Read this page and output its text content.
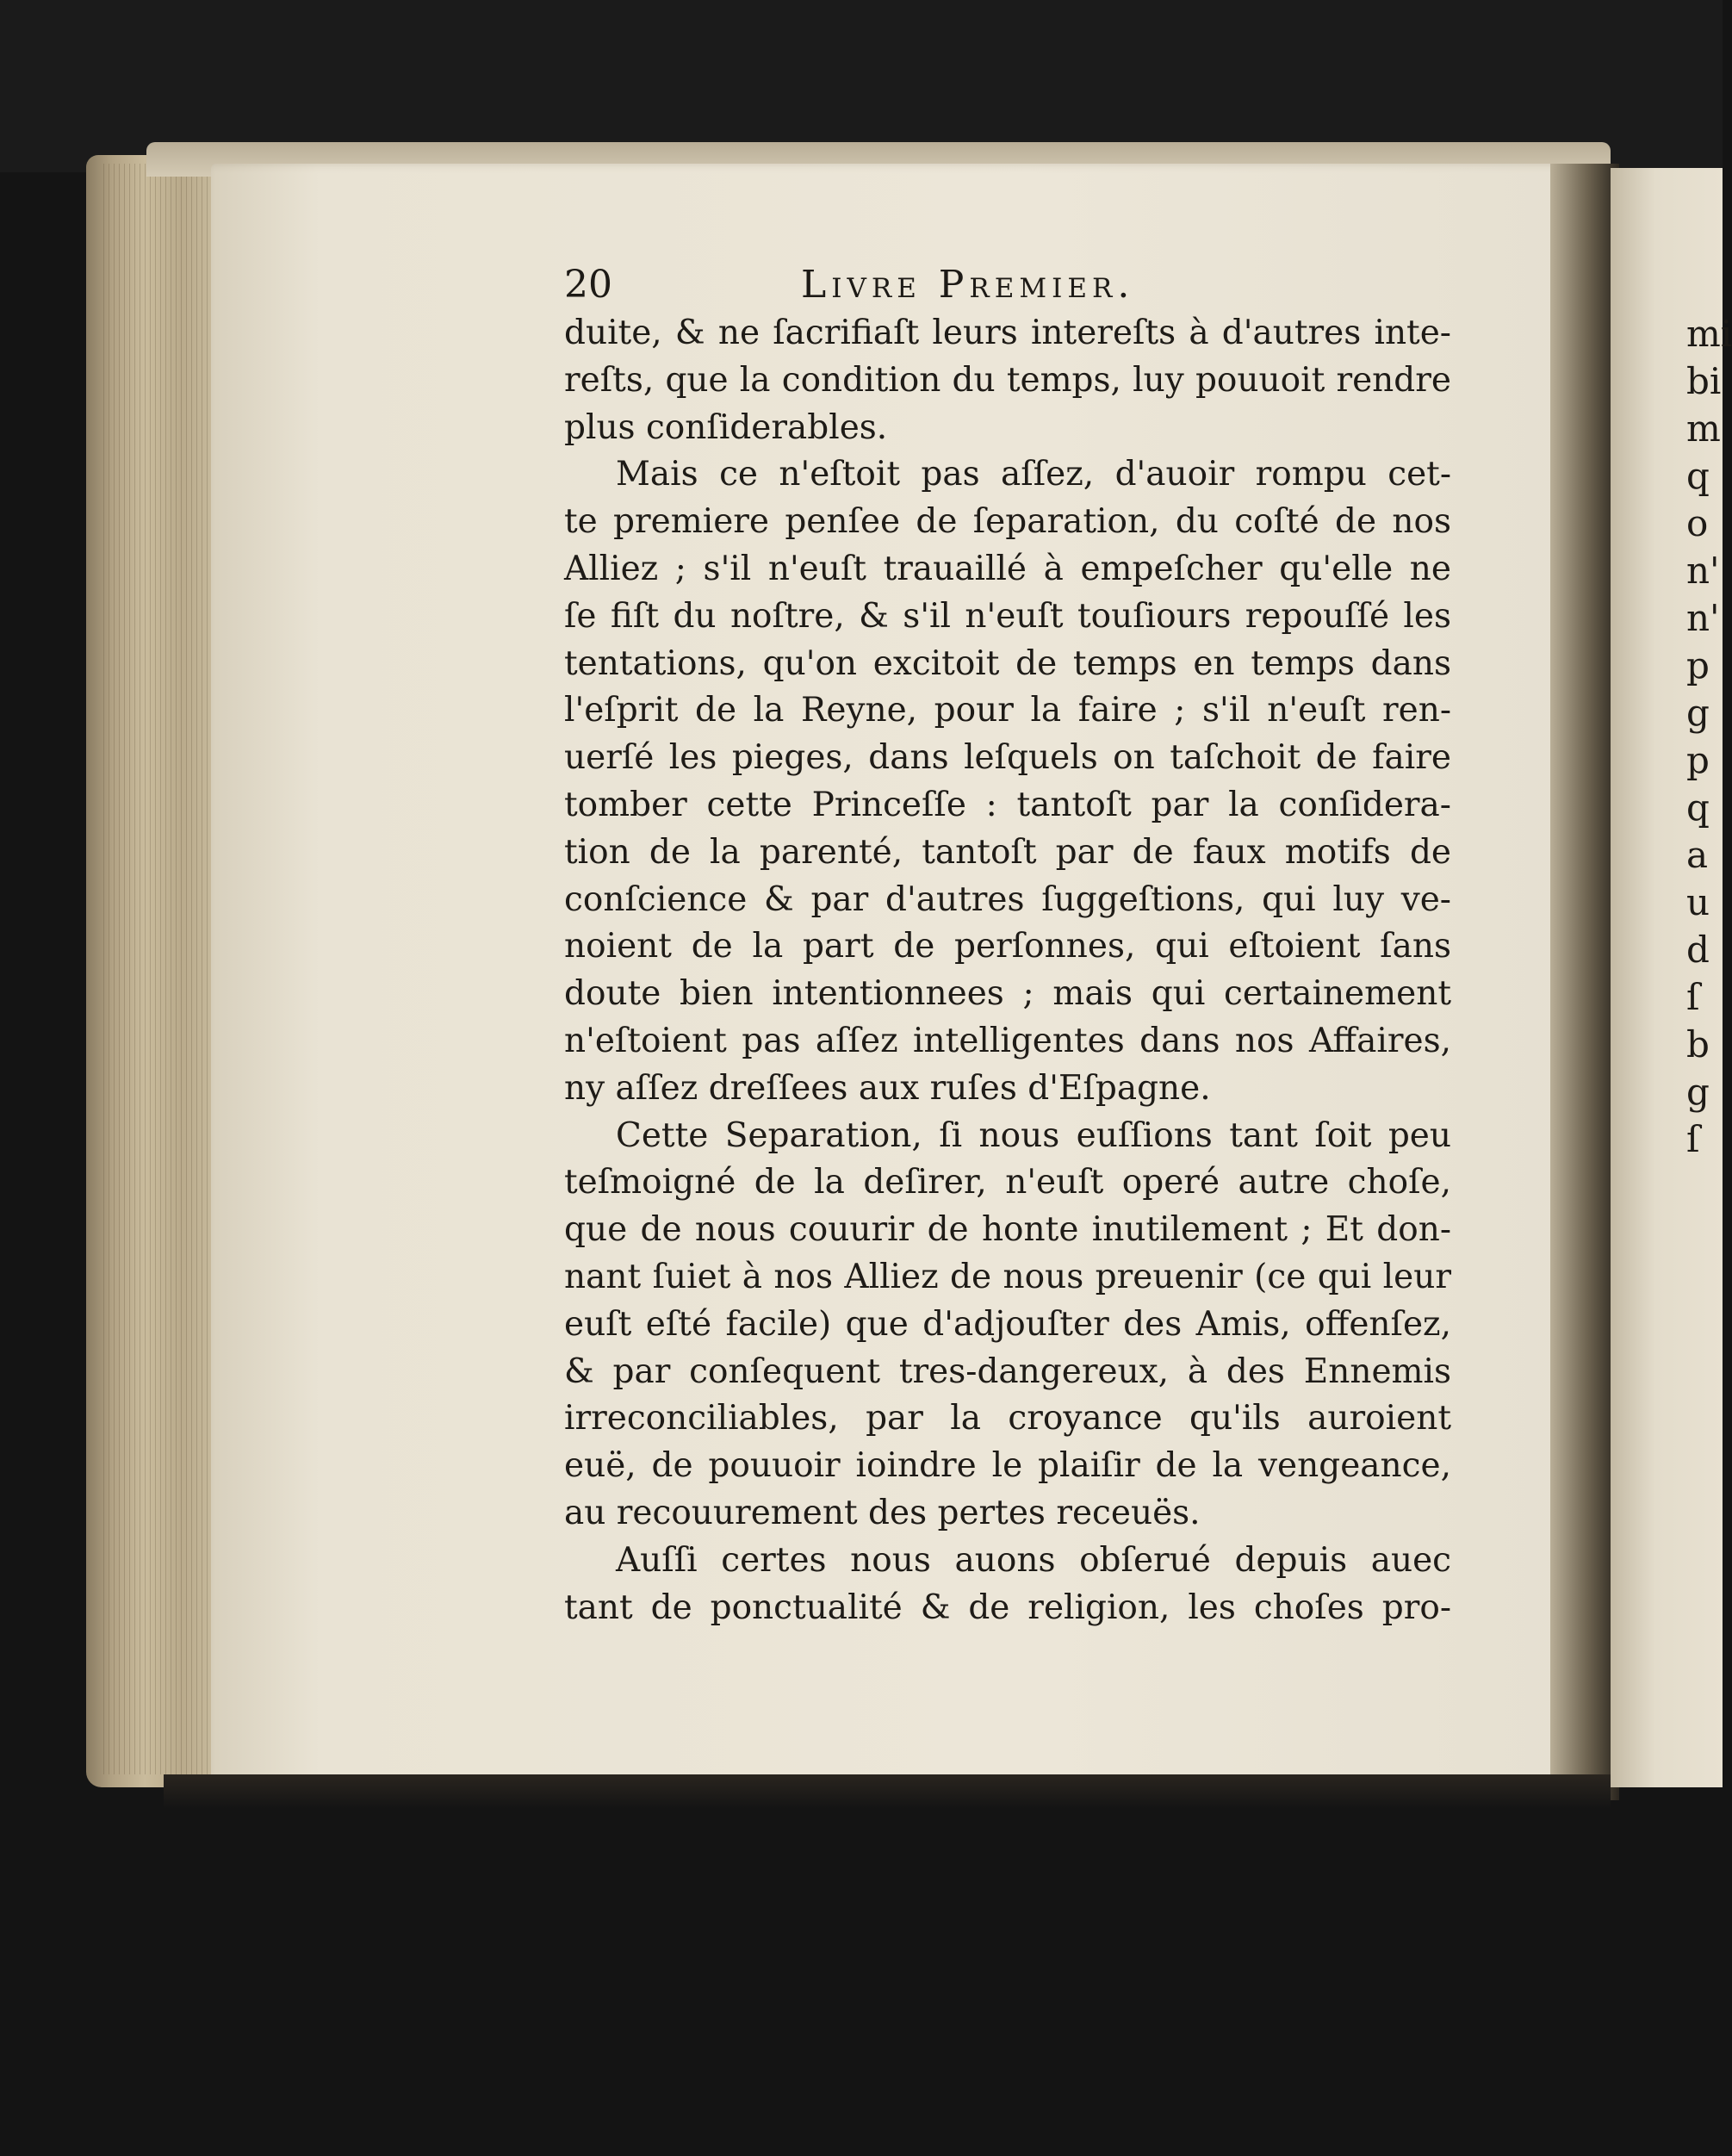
mi
bi
m
q
o
n'
n'
p
g
p
q
a
u
d
ſ
b
g
ſ
20	Livre Premier.
duite, & ne ſacrifiaſt leurs intereſts à d'autres inte-
reſts, que la condition du temps, luy pouuoit rendre
plus conſiderables.
Mais ce n'eſtoit pas aſſez, d'auoir rompu cet-
te premiere penſee de ſeparation, du coſté de nos
Alliez ; s'il n'euſt trauaillé à empeſcher qu'elle ne
ſe fiſt du noſtre, & s'il n'euſt touſiours repouſſé les
tentations, qu'on excitoit de temps en temps dans
l'eſprit de la Reyne, pour la faire ; s'il n'euſt ren-
uerſé les pieges, dans leſquels on taſchoit de faire
tomber cette Princeſſe : tantoſt par la conſidera-
tion de la parenté, tantoſt par de faux motifs de
conſcience & par d'autres ſuggeſtions, qui luy ve-
noient de la part de perſonnes, qui eſtoient ſans
doute bien intentionnees ; mais qui certainement
n'eſtoient pas aſſez intelligentes dans nos Affaires,
ny aſſez dreſſees aux ruſes d'Eſpagne.
Cette Separation, ſi nous euſſions tant ſoit peu
teſmoigné de la deſirer, n'euſt operé autre choſe,
que de nous couurir de honte inutilement ; Et don-
nant ſuiet à nos Alliez de nous preuenir (ce qui leur
euſt eſté facile) que d'adjouſter des Amis, offenſez,
& par conſequent tres-dangereux, à des Ennemis
irreconciliables, par la croyance qu'ils auroient
euë, de pouuoir ioindre le plaiſir de la vengeance,
au recouurement des pertes receuës.
Auſſi certes nous auons obſerué depuis auec
tant de ponctualité & de religion, les choſes pro-
